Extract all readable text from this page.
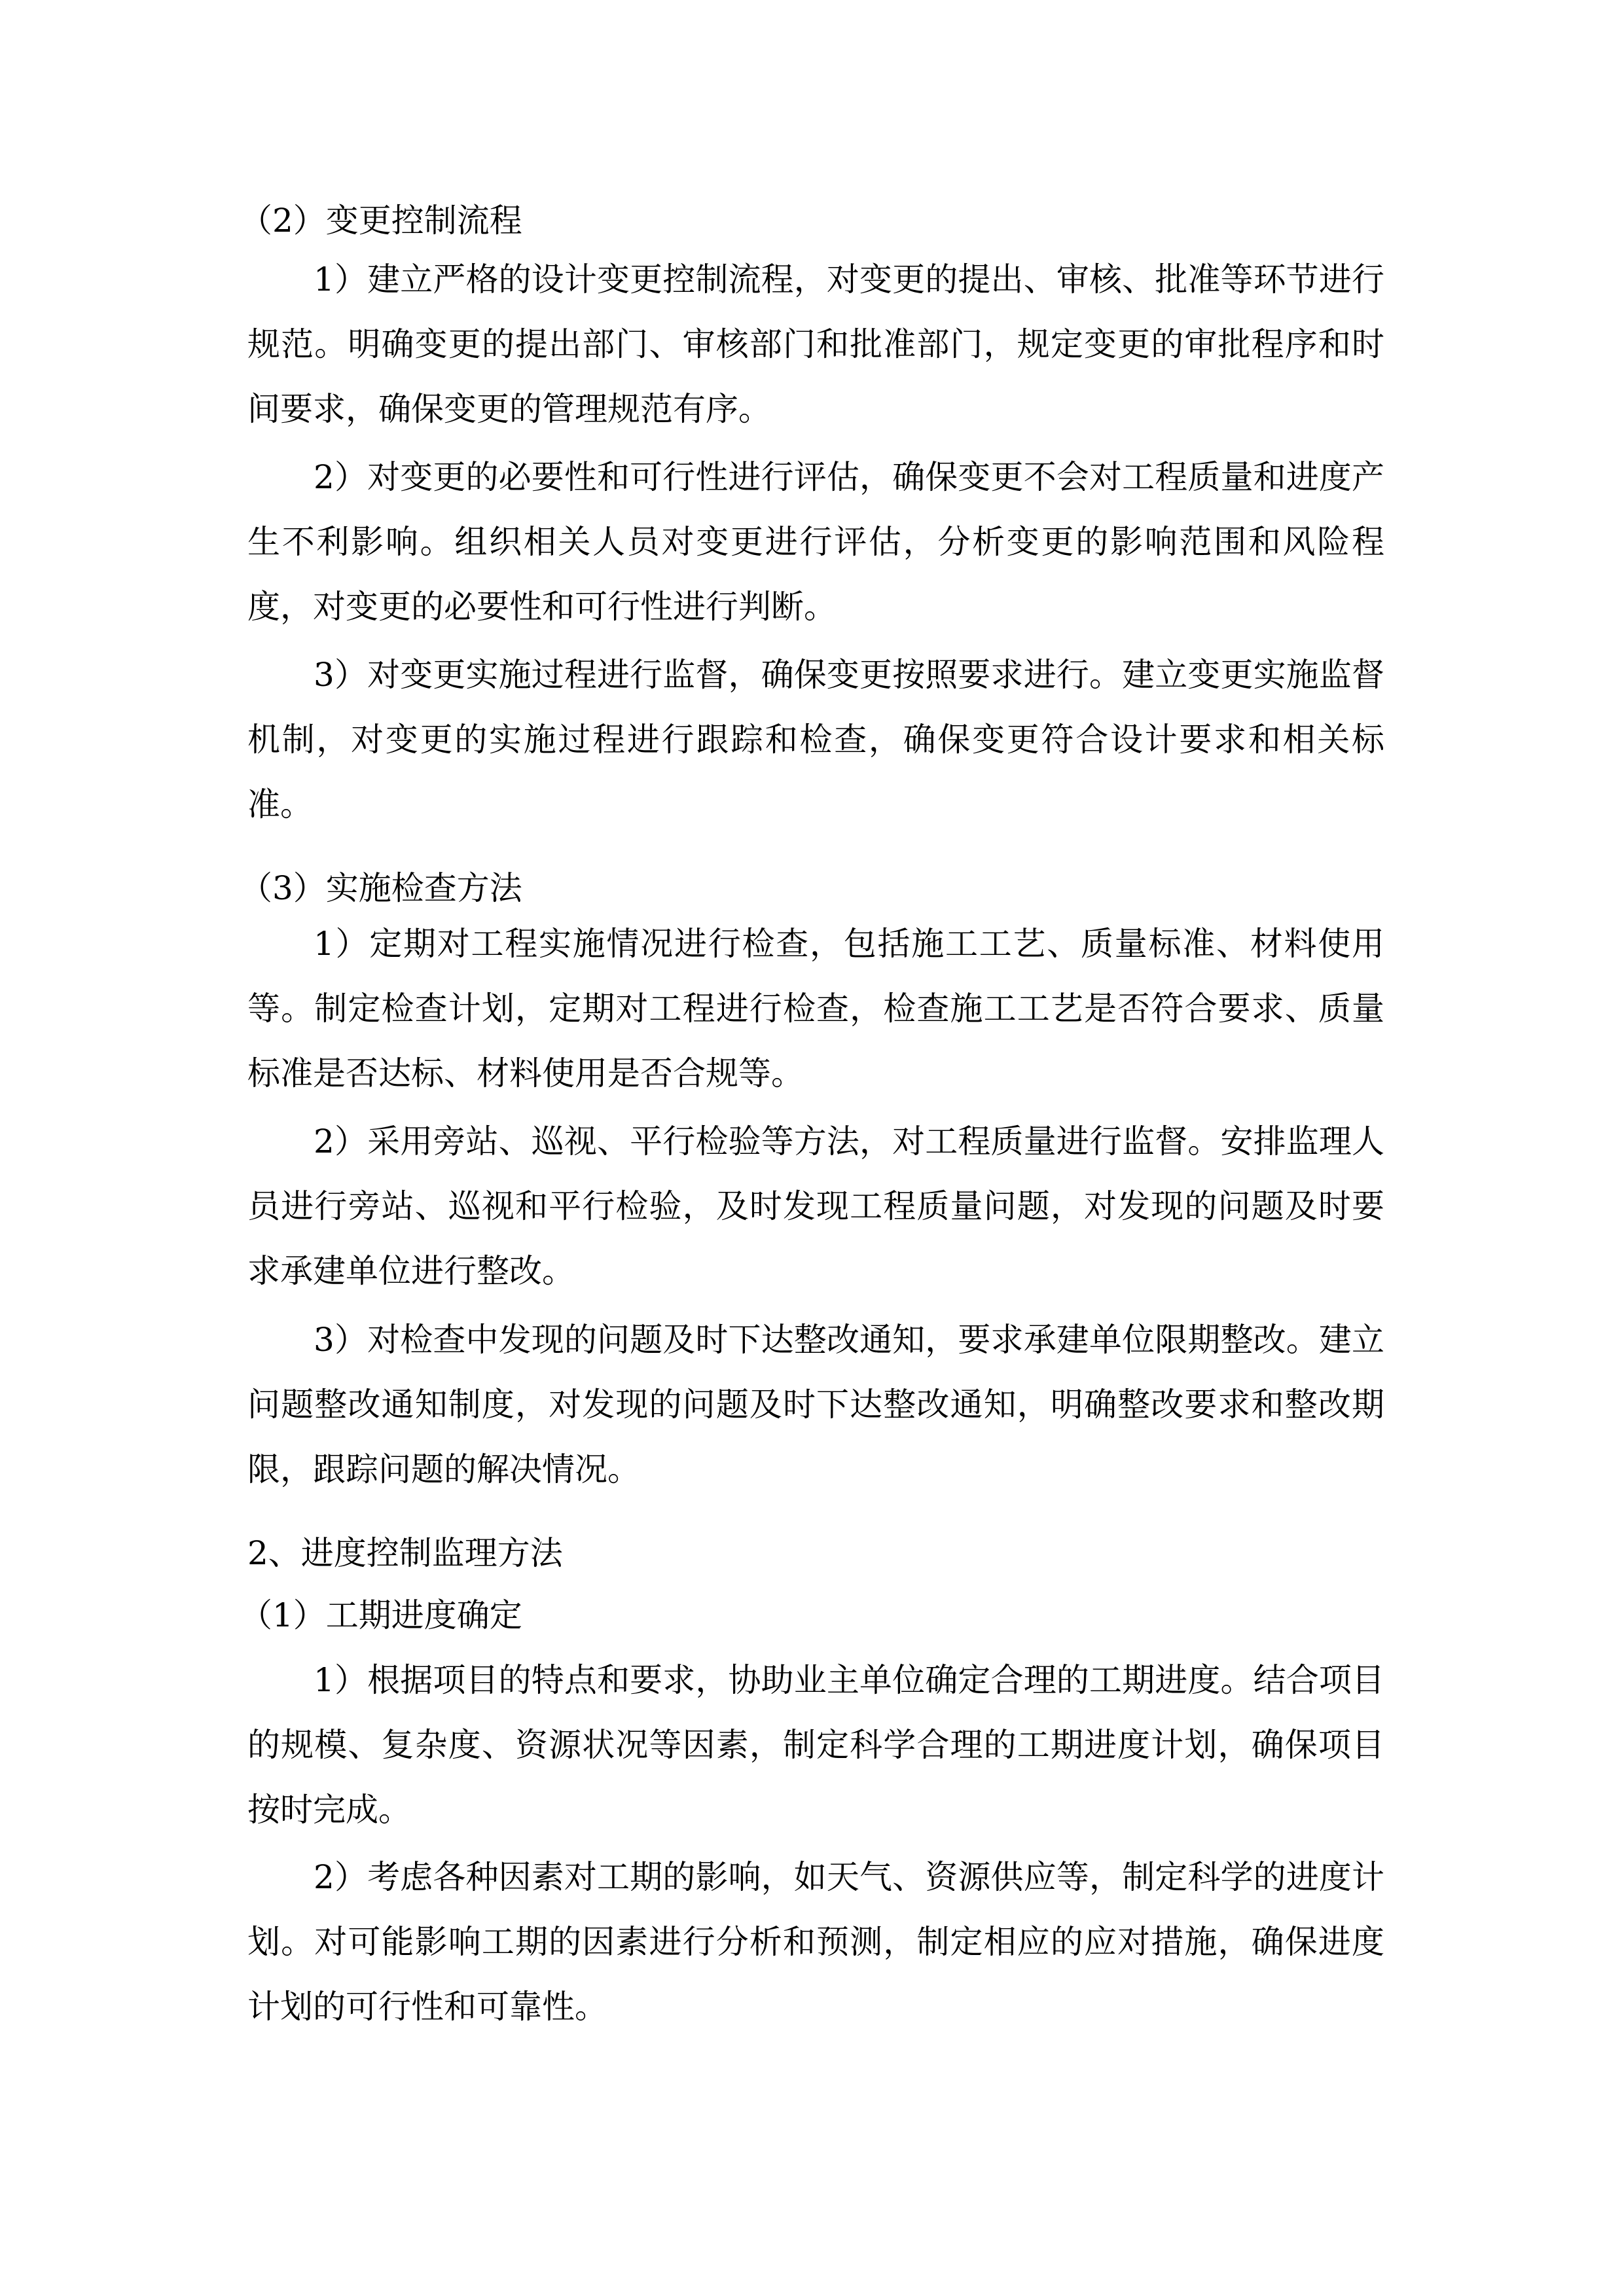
（2）变更控制流程
1）建立严格的设计变更控制流程，对变更的提出、审核、批准等环节进行
规范。明确变更的提出部门、审核部门和批准部门，规定变更的审批程序和时
间要求，确保变更的管理规范有序。
2）对变更的必要性和可行性进行评估，确保变更不会对工程质量和进度产
生不利影响。组织相关人员对变更进行评估，分析变更的影响范围和风险程
度，对变更的必要性和可行性进行判断。
3）对变更实施过程进行监督，确保变更按照要求进行。建立变更实施监督
机制，对变更的实施过程进行跟踪和检查，确保变更符合设计要求和相关标
准。
（3）实施检查方法
1）定期对工程实施情况进行检查，包括施工工艺、质量标准、材料使用
等。制定检查计划，定期对工程进行检查，检查施工工艺是否符合要求、质量
标准是否达标、材料使用是否合规等。
2）采用旁站、巡视、平行检验等方法，对工程质量进行监督。安排监理人
员进行旁站、巡视和平行检验，及时发现工程质量问题，对发现的问题及时要
求承建单位进行整改。
3）对检查中发现的问题及时下达整改通知，要求承建单位限期整改。建立
问题整改通知制度，对发现的问题及时下达整改通知，明确整改要求和整改期
限，跟踪问题的解决情况。
2、进度控制监理方法
（1）工期进度确定
1）根据项目的特点和要求，协助业主单位确定合理的工期进度。结合项目
的规模、复杂度、资源状况等因素，制定科学合理的工期进度计划，确保项目
按时完成。
2）考虑各种因素对工期的影响，如天气、资源供应等，制定科学的进度计
划。对可能影响工期的因素进行分析和预测，制定相应的应对措施，确保进度
计划的可行性和可靠性。
